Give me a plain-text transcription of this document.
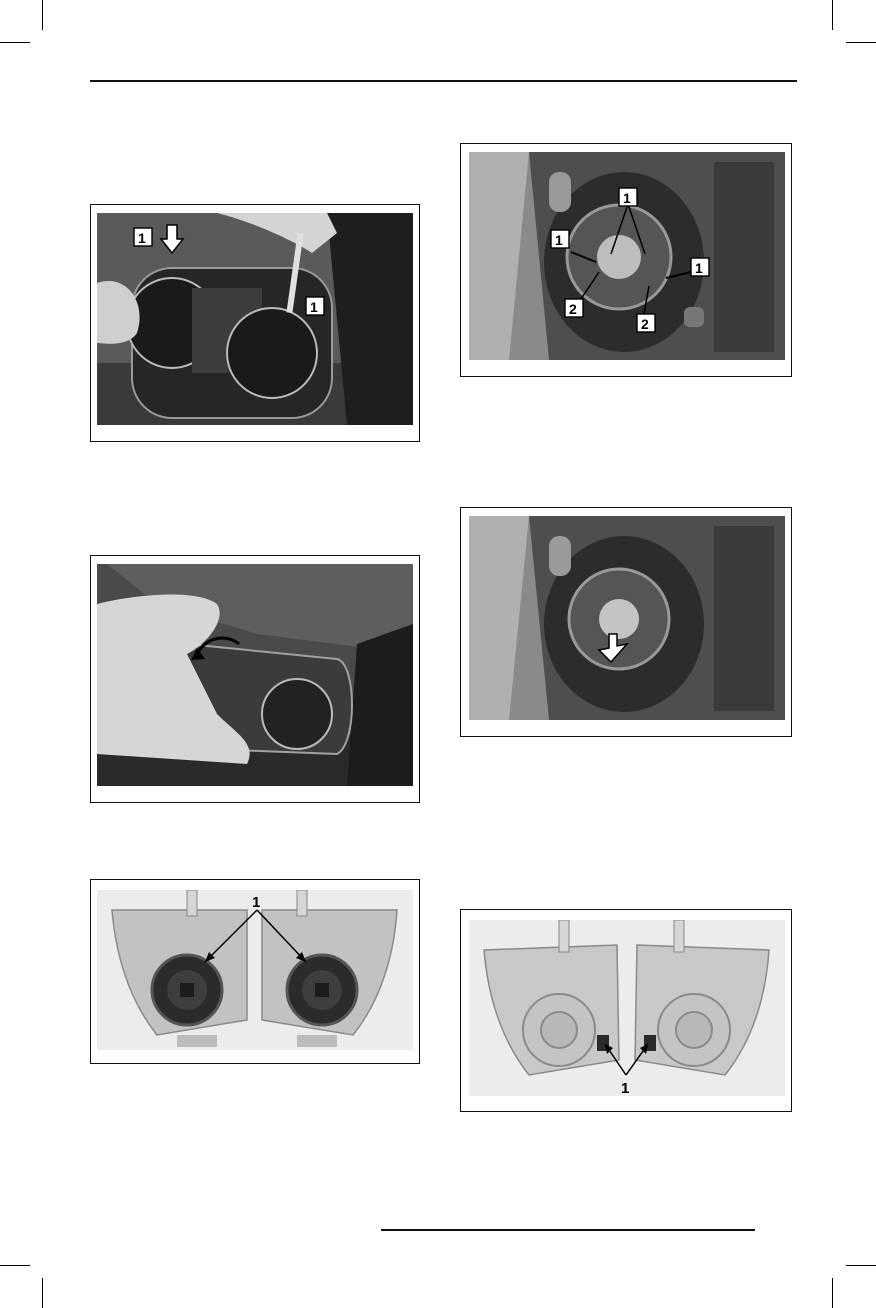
1
1
1
1
1
2
2
1
1
